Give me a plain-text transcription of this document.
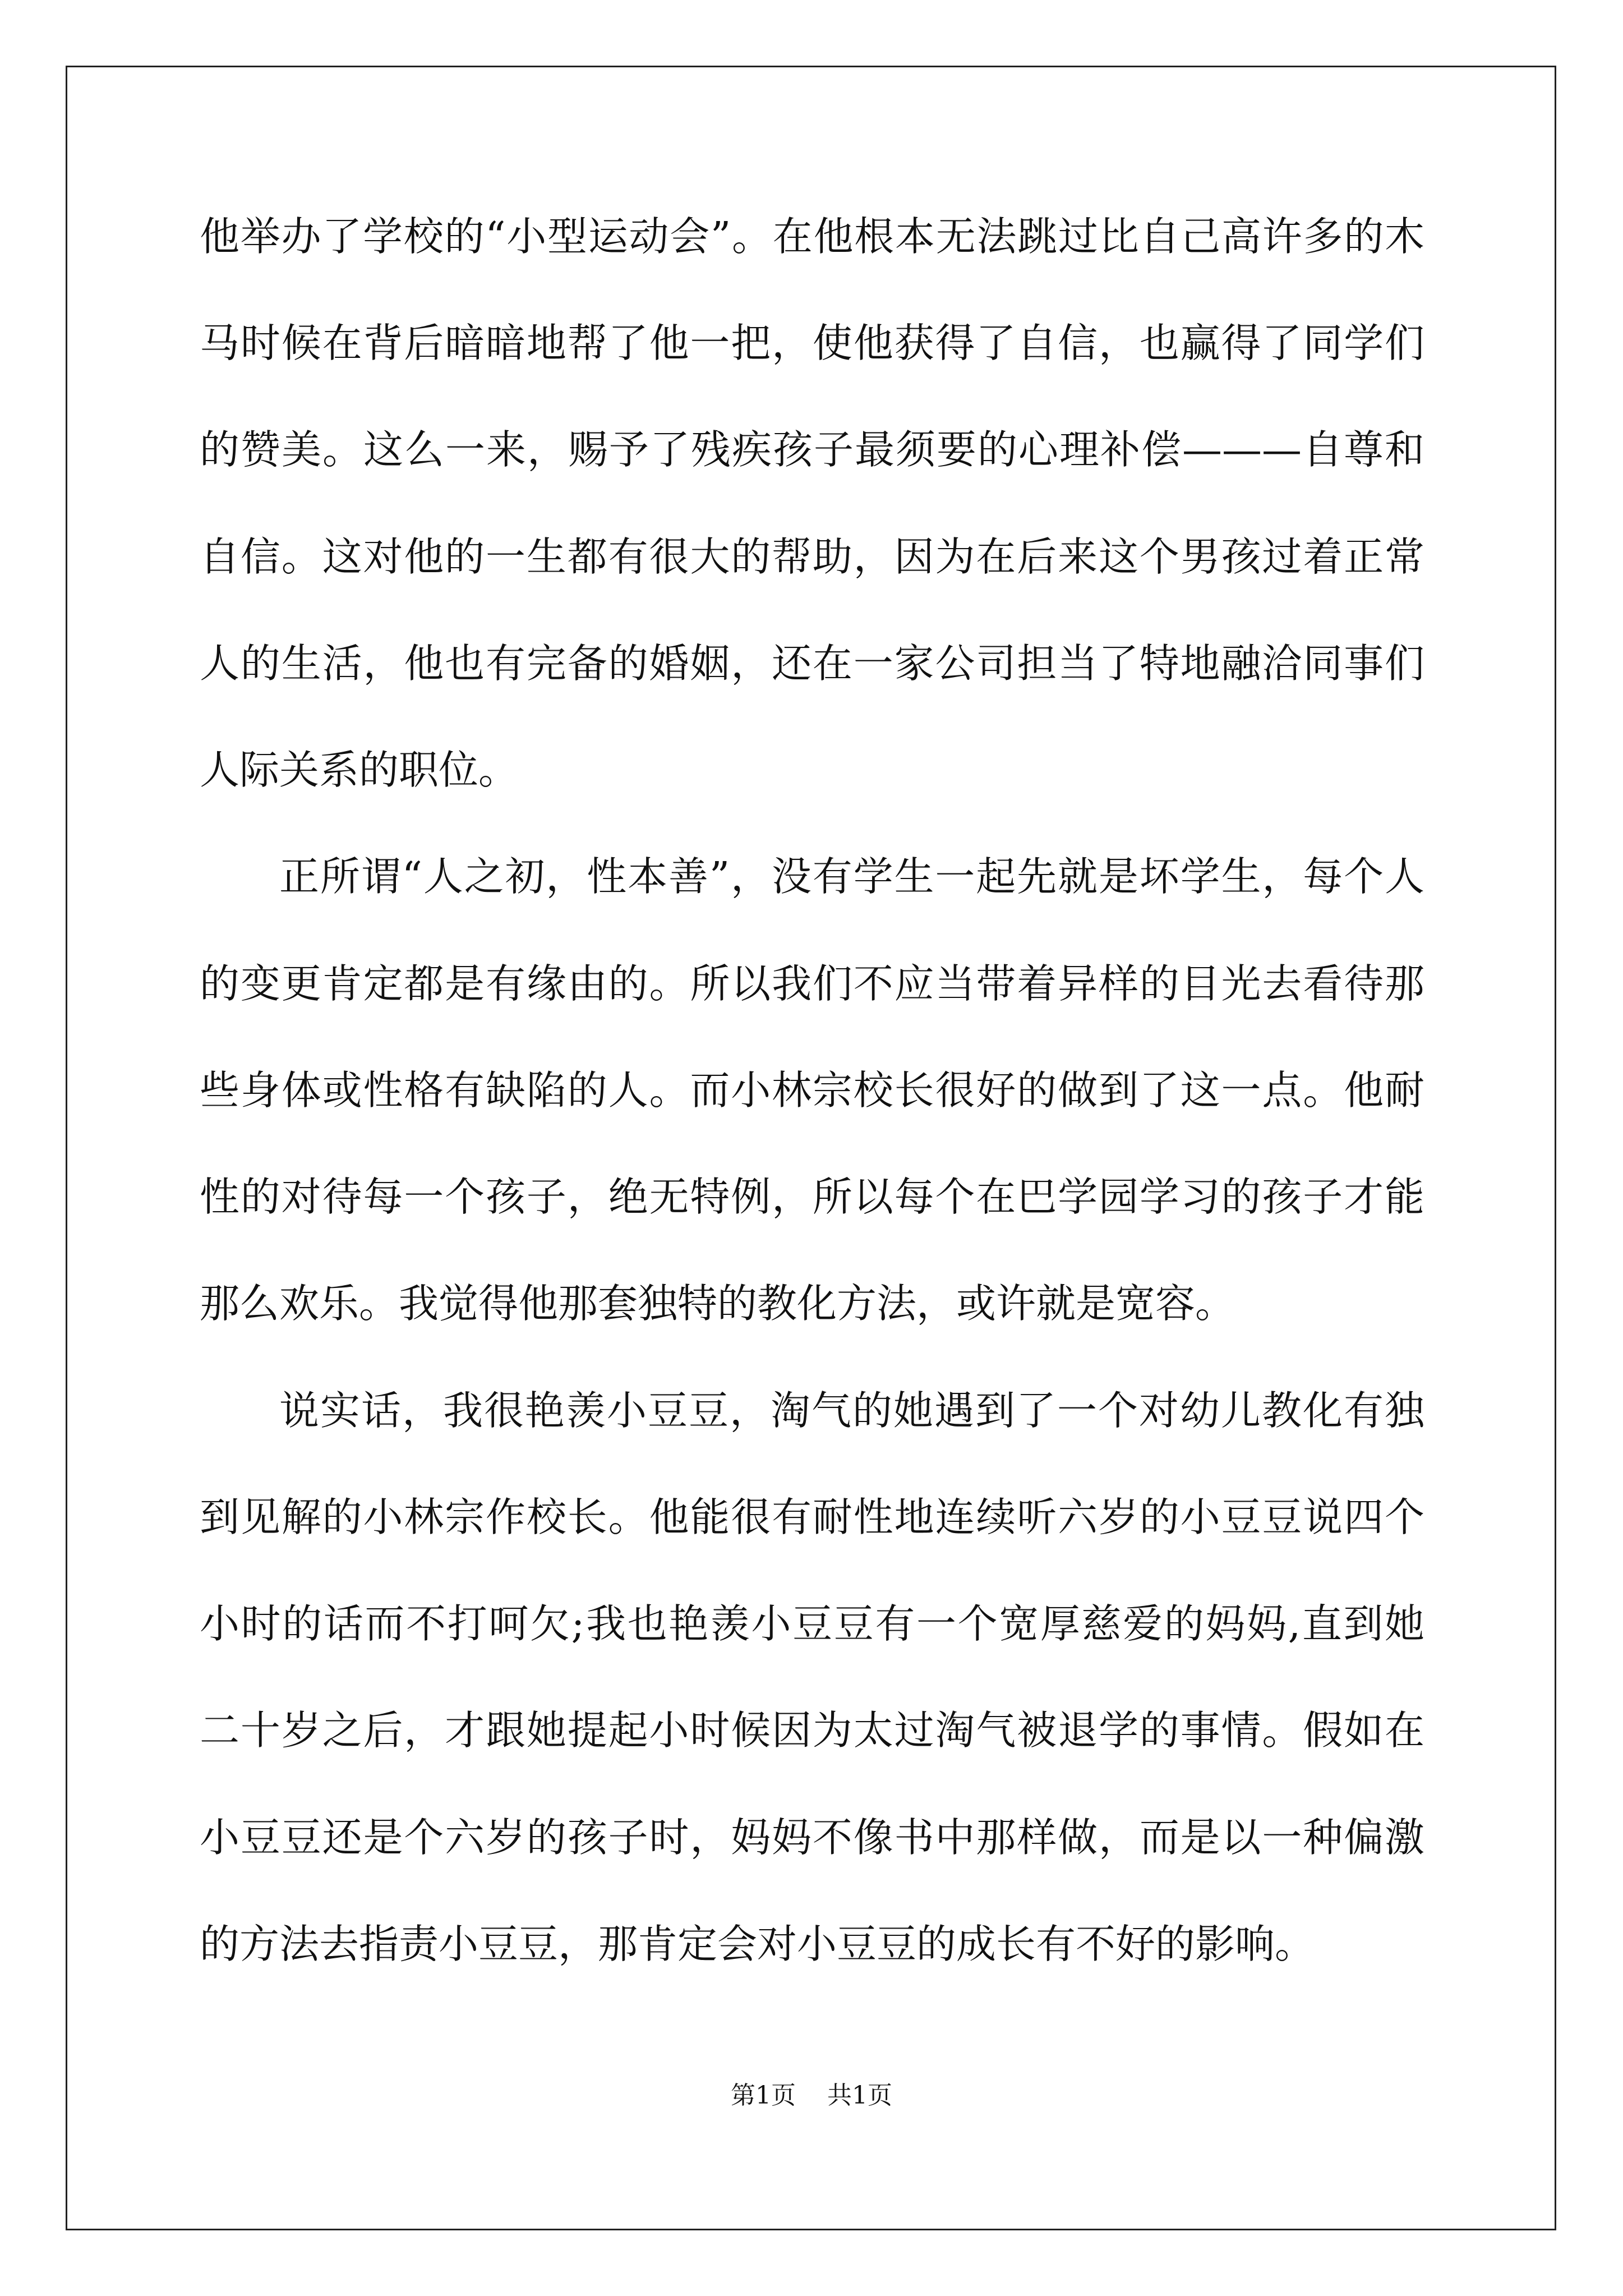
他举办了学校的“小型运动会”。在他根本无法跳过比自己高许多的木
马时候在背后暗暗地帮了他一把，使他获得了自信，也赢得了同学们
的赞美。这么一来，赐予了残疾孩子最须要的心理补偿———自尊和
自信。这对他的一生都有很大的帮助，因为在后来这个男孩过着正常
人的生活，他也有完备的婚姻，还在一家公司担当了特地融洽同事们
人际关系的职位。
正所谓“人之初，性本善”，没有学生一起先就是坏学生，每个人
的变更肯定都是有缘由的。所以我们不应当带着异样的目光去看待那
些身体或性格有缺陷的人。而小林宗校长很好的做到了这一点。他耐
性的对待每一个孩子，绝无特例，所以每个在巴学园学习的孩子才能
那么欢乐。我觉得他那套独特的教化方法，或许就是宽容。
说实话，我很艳羡小豆豆，淘气的她遇到了一个对幼儿教化有独
到见解的小林宗作校长。他能很有耐性地连续听六岁的小豆豆说四个
小时的话而不打呵欠;我也艳羡小豆豆有一个宽厚慈爱的妈妈,直到她
二十岁之后，才跟她提起小时候因为太过淘气被退学的事情。假如在
小豆豆还是个六岁的孩子时，妈妈不像书中那样做，而是以一种偏激
的方法去指责小豆豆，那肯定会对小豆豆的成长有不好的影响。
第1页 共1页
